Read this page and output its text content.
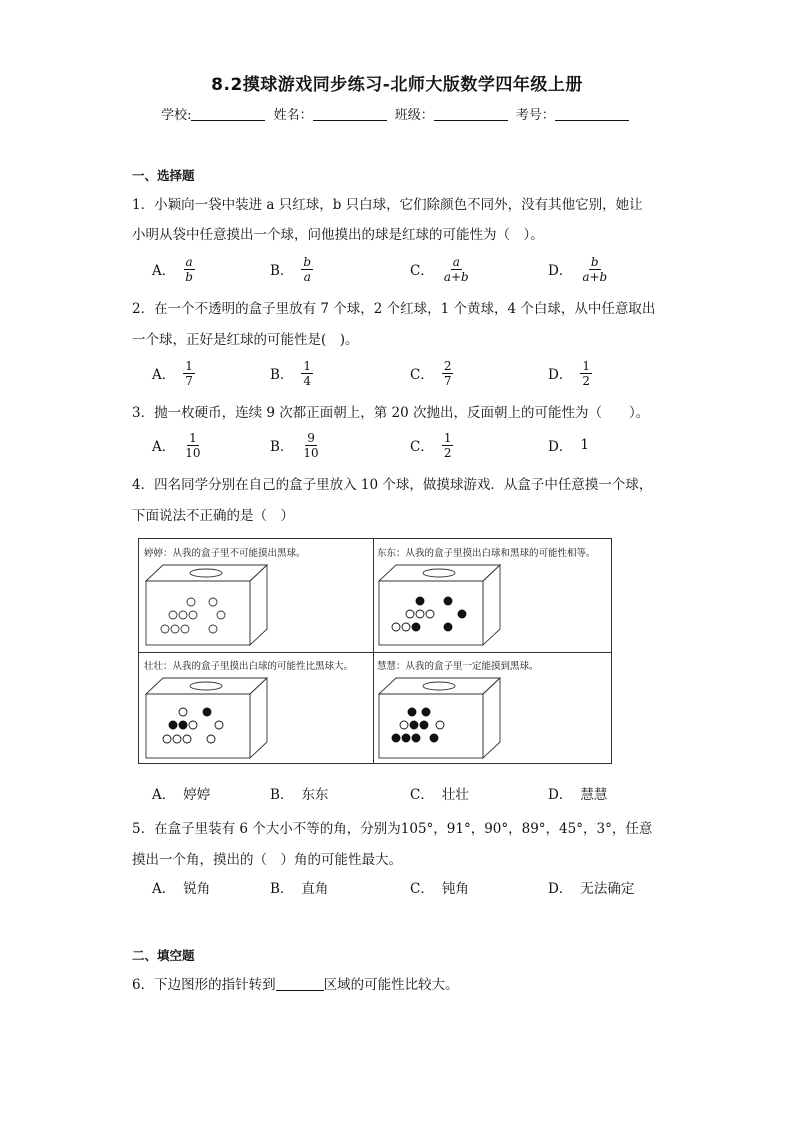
8.2摸球游戏同步练习-北师大版数学四年级上册
学校:	姓名：	班级：	考号：
一、选择题
1．小颖向一袋中装进 a 只红球，b 只白球，它们除颜色不同外，没有其他它别，她让
小明从袋中任意摸出一个球，问他摸出的球是红球的可能性为（　）。
A． $\frac{a}{b}$	B． $\frac{b}{a}$	C． $\frac{a}{a+b}$	D． $\frac{b}{a+b}$
2．在一个不透明的盒子里放有 7 个球，2 个红球，1 个黄球，4 个白球，从中任意取出
一个球，正好是红球的可能性是(　)。
A． $\frac{1}{7}$	B． $\frac{1}{4}$	C． $\frac{2}{7}$	D． $\frac{1}{2}$
3．抛一枚硬币，连续 9 次都正面朝上，第 20 次抛出，反面朝上的可能性为（　　）。
A． $\frac{1}{10}$	B． $\frac{9}{10}$	C． $\frac{1}{2}$	D． 1
4．四名同学分别在自己的盒子里放入 10 个球，做摸球游戏．从盒子中任意摸一个球，
下面说法不正确的是（　）
婷婷：从我的盒子里不可能摸出黑球。	东东：从我的盒子里摸出白球和黑球的可能性相等。
壮壮：从我的盒子里摸出白球的可能性比黑球大。	慧慧：从我的盒子里一定能摸到黑球。
A． 婷婷	B． 东东	C． 壮壮	D． 慧慧
5．在盒子里装有 6 个大小不等的角，分别为105°，91°，90°，89°，45°，3°，任意
摸出一个角，摸出的（　）角的可能性最大。
A． 锐角	B． 直角	C． 钝角	D． 无法确定
二、填空题
6．下边图形的指针转到	区域的可能性比较大。
